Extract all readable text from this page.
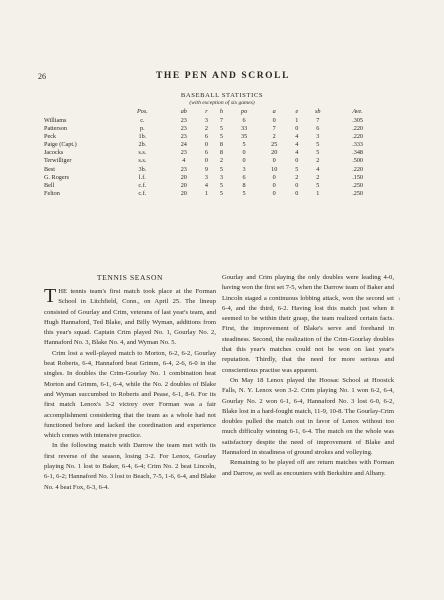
26	THE PEN AND SCROLL
BASEBALL STATISTICS
(with exception of six games)
	Pos.	ab	r	h	po	a	e	sb	Ave.
Williams	c.	23	3	7	6	0	1	7	.305
Patterson	p.	23	2	5	33	7	0	6	.220
Peck	1b.	23	6	5	35	2	4	3	.220
Paige (Capt.)	2b.	24	0	8	5	25	4	5	.333
Jacocks	s.s.	23	6	8	0	20	4	5	.348
Terwilliger	s.s.	4	0	2	0	0	0	2	.500
Best	3b.	23	9	5	3	10	5	4	.220
G. Rogers	l.f.	20	3	3	6	0	2	2	.150
Bell	c.f.	20	4	5	8	0	0	5	.250
Felton	c.f.	20	1	5	5	0	0	1	.250
TENNIS SEASON

THE tennis team's first match took place at the Forman School in Litchfield, Conn., on April 25. The lineup consisted of Gourlay and Crim, veterans of last year's team, and Hugh Hannaford, Ted Blake, and Billy Wyman, additions from this year's squad. Captain Crim played No. 1, Gourlay No. 2, Hannaford No. 3, Blake No. 4, and Wyman No. 5.

Crim lost a well-played match to Morton, 6-2, 6-2, Gourlay beat Roberts, 6-4, Hannaford beat Grimm, 6-4, 2-6, 6-0 in the singles. In doubles the Crim-Gourlay No. 1 combination beat Morton and Grimm, 6-1, 6-4, while the No. 2 doubles of Blake and Wyman succumbed to Roberts and Pease, 6-1, 8-6. For its first match Lenox's 3-2 victory over Forman was a fair accomplishment considering that the team as a whole had not functioned before and lacked the coordination and experience which comes with intensive practice.

In the following match with Darrow the team met with its first reverse of the season, losing 3-2. For Lenox, Gourlay playing No. 1 lost to Baker, 6-4, 6-4; Crim No. 2 beat Lincoln, 6-1, 6-2; Hannaford No. 3 lost to Beach, 7-5, 1-6, 6-4, and Blake No. 4 beat Fox, 6-3, 6-4.

Gourlay and Crim playing the only doubles were leading 4-0, having won the first set 7-5, when the Darrow team of Baker and Lincoln staged a continuous lobbing attack, won the second set 6-4, and the third, 6-2. Having lost this match just when it seemed to be within their grasp, the team realized certain facts. First, the improvement of Blake's serve and forehand in steadiness. Second, the realization of the Crim-Gourlay doubles that this year's matches could not be won on last year's reputation. Thirdly, that the need for more serious and conscientious practise was apparent.

On May 18 Lenox played the Hoosac School at Hoosick Falls, N. Y. Lenox won 3-2. Crim playing No. 1 won 6-2, 6-4, Gourlay No. 2 won 6-1, 6-4, Hannaford No. 3 lost 6-0, 6-2, Blake lost in a hard-fought match, 11-9, 10-8. The Gourlay-Crim doubles pulled the match out in favor of Lenox without too much difficulty winning 6-1, 6-4. The match on the whole was satisfactory despite the need of improvement of Blake and Hannaford in steadiness of ground strokes and volleying.

Remaining to be played off are return matches with Forman and Darrow, as well as encounters with Berkshire and Albany.

›
